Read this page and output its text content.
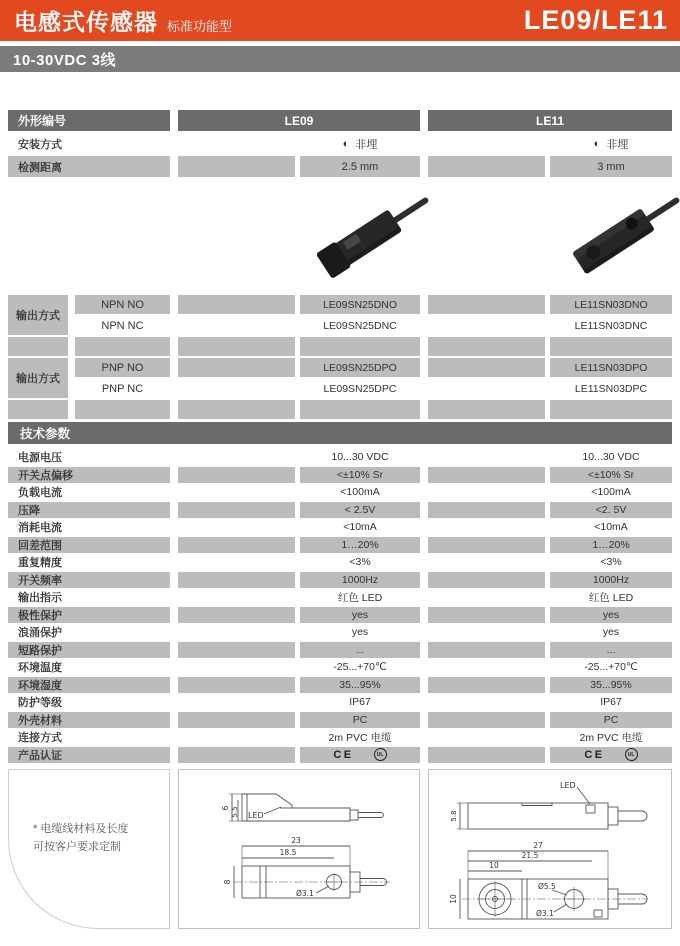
电感式传感器 标准功能型	LE09/LE11
10-30VDC 3线
外形编号	LE09	LE11
安装方式	◐ 非埋	◐ 非埋
检测距离	2.5 mm	3 mm
输出方式
NPN NO	LE09SN25DNO	LE11SN03DNO
NPN NC	LE09SN25DNC	LE11SN03DNC
输出方式
PNP NO	LE09SN25DPO	LE11SN03DPO
PNP NC	LE09SN25DPC	LE11SN03DPC
技术参数
电源电压	10...30 VDC	10...30 VDC
开关点偏移	<±10% Sr	<±10% Sr
负载电流	<100mA	<100mA
压降	< 2.5V	<2. 5V
消耗电流	<10mA	<10mA
回差范围	1…20%	1…20%
重复精度	<3%	<3%
开关频率	1000Hz	1000Hz
输出指示	红色 LED	红色 LED
极性保护	yes	yes
浪涌保护	yes	yes
短路保护	...	...
环境温度	-25...+70℃	-25...+70℃
环境湿度	35...95%	35...95%
防护等级	IP67	IP67
外壳材料	PC	PC
连接方式	2m PVC 电缆	2m PVC 电缆
产品认证	CE	UL	CE	UL
* 电缆线材料及长度
可按客户要求定制
LED
6 5.5
23
18.5
Ø3.1
8
LED
5.8
27
21.5
10
Ø5.5
Ø3.1
10
